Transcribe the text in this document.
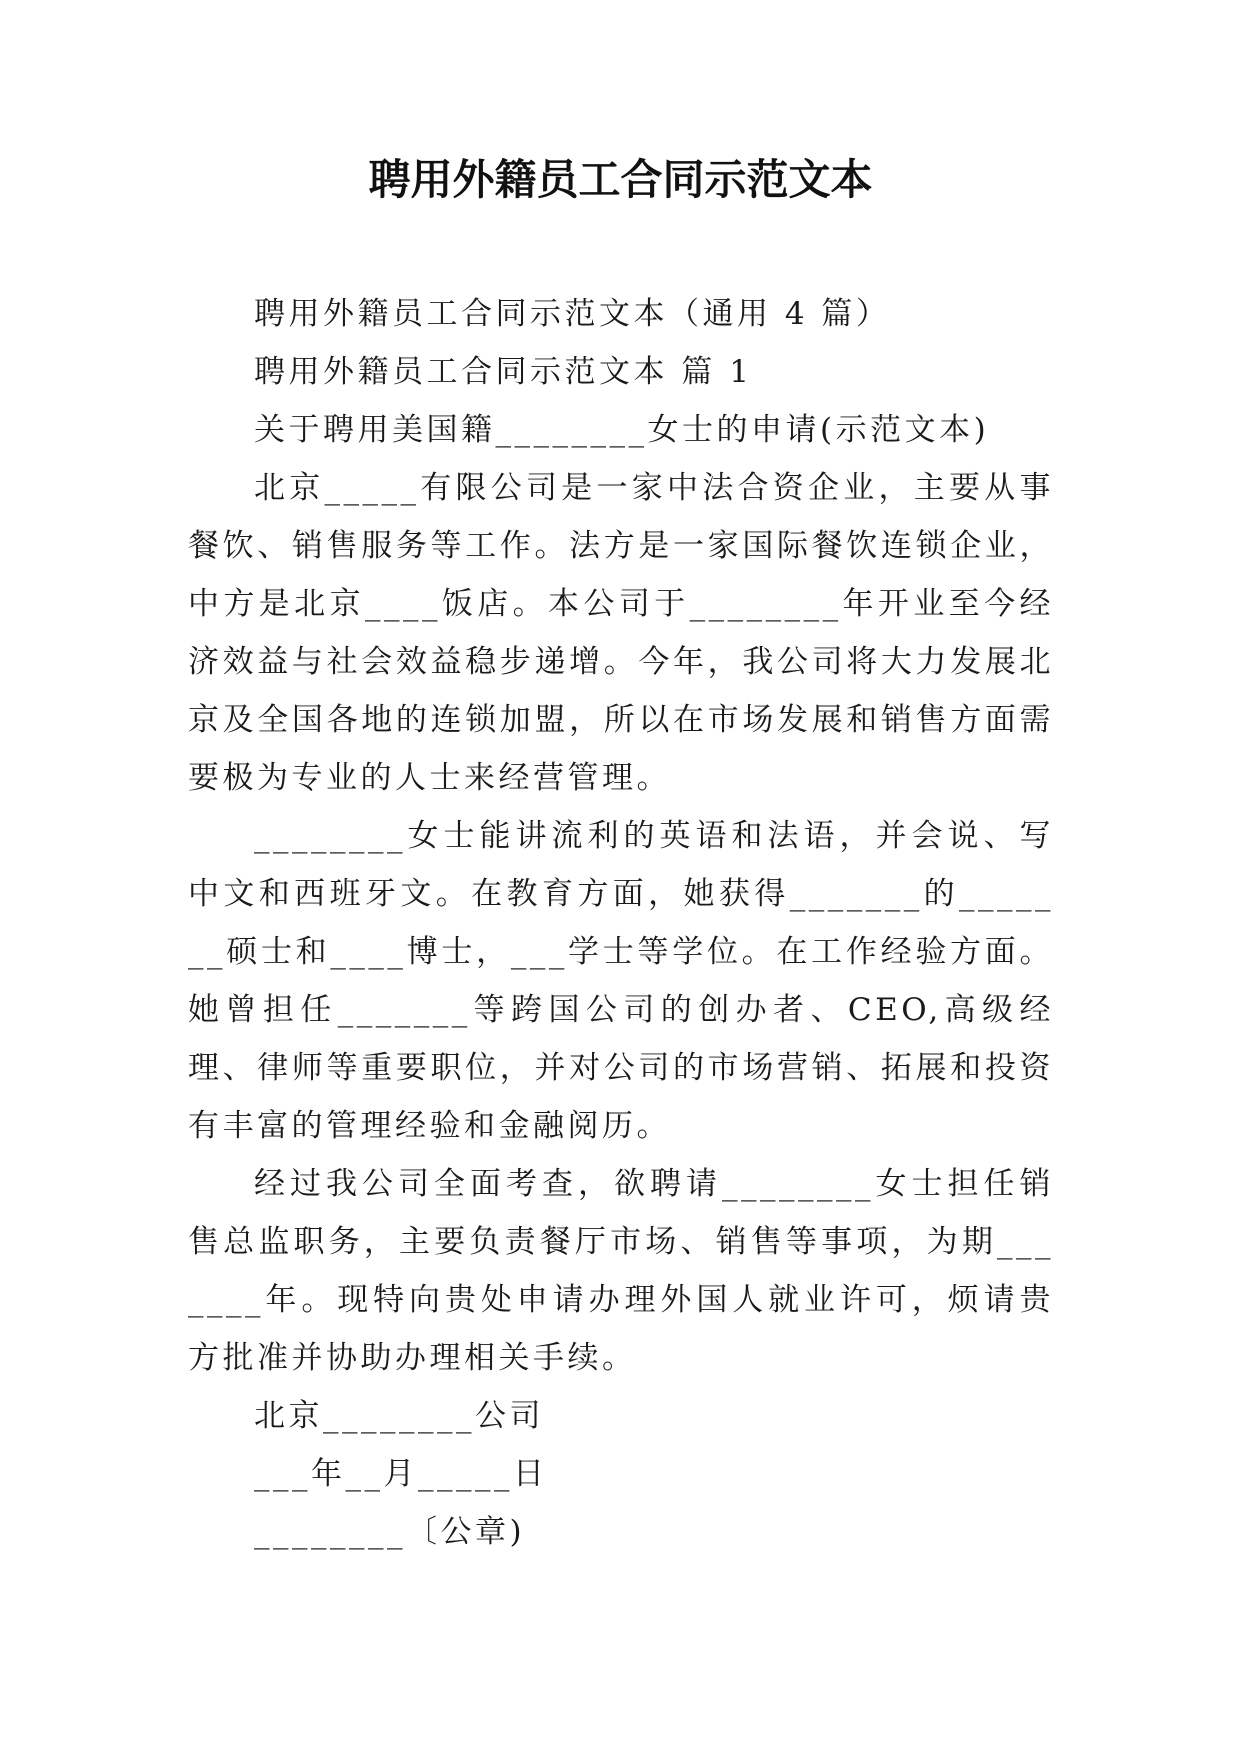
聘用外籍员工合同示范文本

聘用外籍员工合同示范文本（通用 4 篇）

聘用外籍员工合同示范文本 篇 1

关于聘用美国籍________女士的申请(示范文本)

北京_____有限公司是一家中法合资企业，主要从事餐饮、销售服务等工作。法方是一家国际餐饮连锁企业，中方是北京____饭店。本公司于________年开业至今经济效益与社会效益稳步递增。今年，我公司将大力发展北京及全国各地的连锁加盟，所以在市场发展和销售方面需要极为专业的人士来经营管理。

________女士能讲流利的英语和法语，并会说、写中文和西班牙文。在教育方面，她获得_______的_______硕士和____博士，___学士等学位。在工作经验方面。她曾担任_______等跨国公司的创办者、CEO,高级经理、律师等重要职位，并对公司的市场营销、拓展和投资有丰富的管理经验和金融阅历。

经过我公司全面考查，欲聘请________女士担任销售总监职务，主要负责餐厅市场、销售等事项，为期_______年。现特向贵处申请办理外国人就业许可，烦请贵方批准并协助办理相关手续。

北京________公司

___年__月_____日

________〔公章)
